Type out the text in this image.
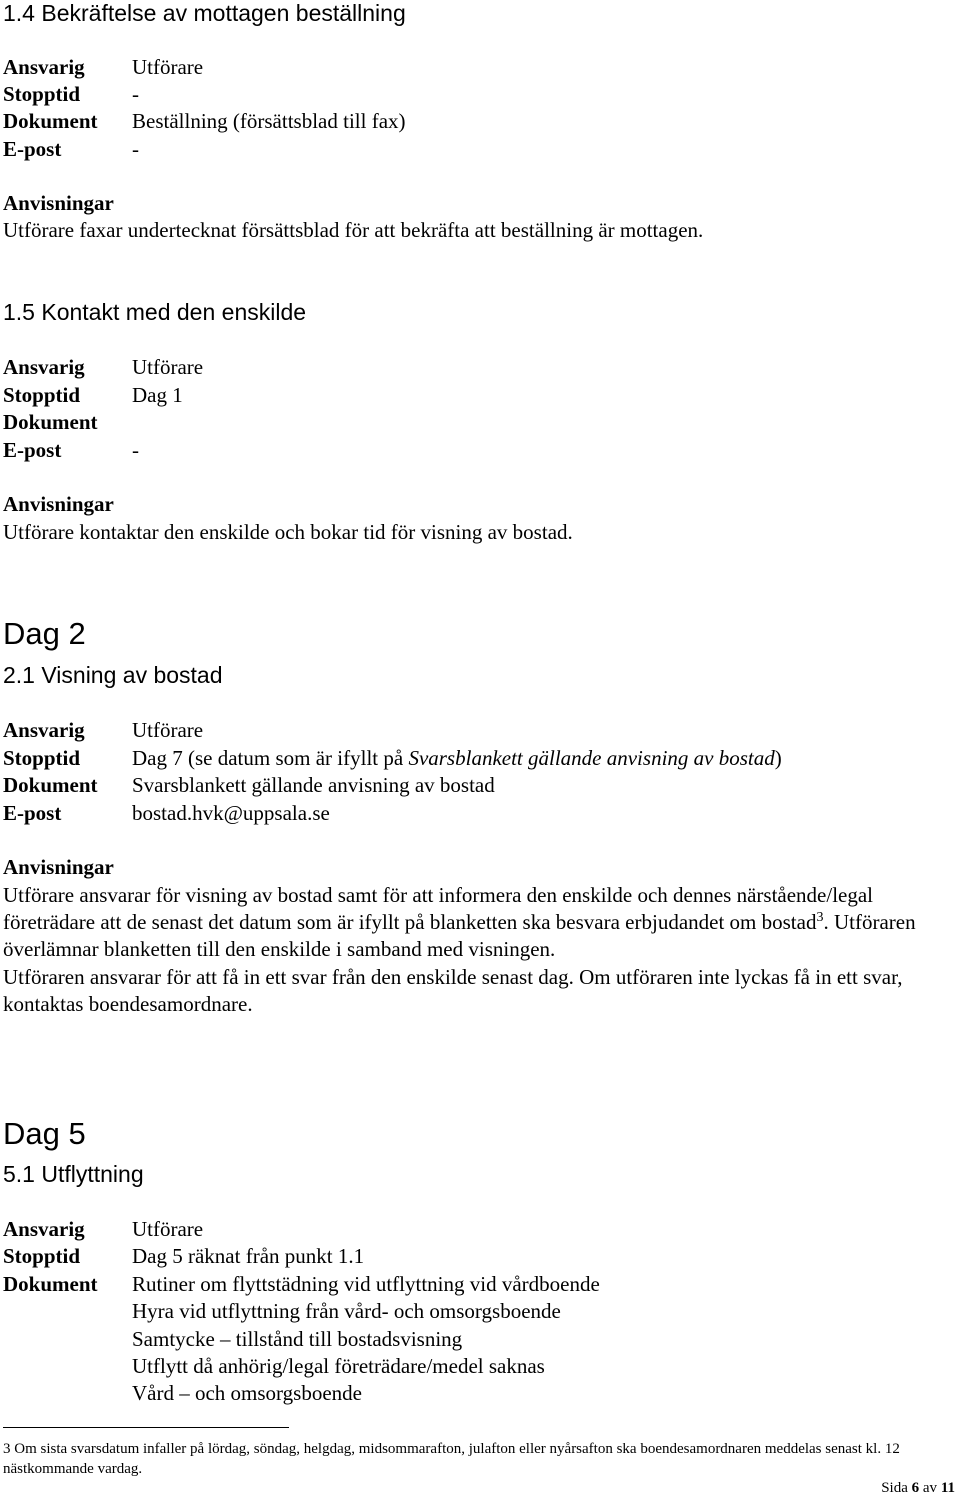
1.4 Bekräftelse av mottagen beställning
Ansvarig Utförare
Stopptid -
Dokument Beställning (försättsblad till fax)
E-post	-
Anvisningar
Utförare faxar undertecknat försättsblad för att bekräfta att beställning är mottagen.
1.5 Kontakt med den enskilde
Ansvarig Utförare
Stopptid Dag 1
Dokument
E-post	-
Anvisningar
Utförare kontaktar den enskilde och bokar tid för visning av bostad.
Dag 2
2.1 Visning av bostad
Ansvarig Utförare
Stopptid Dag 7 (se datum som är ifyllt på Svarsblankett gällande anvisning av bostad)
Dokument Svarsblankett gällande anvisning av bostad
E-post	bostad.hvk@uppsala.se
Anvisningar

Utförare ansvarar för visning av bostad samt för att informera den enskilde och dennes närstående/legal företrädare att de senast det datum som är ifyllt på blanketten ska besvara erbjudandet om bostad$^3$. Utföraren överlämnar blanketten till den enskilde i samband med visningen.

Utföraren ansvarar för att få in ett svar från den enskilde senast dag. Om utföraren inte lyckas få in ett svar, kontaktas boendesamordnare.

Dag 5
5.1 Utflyttning
Ansvarig Utförare
Stopptid Dag 5 räknat från punkt 1.1
Dokument Rutiner om flyttstädning vid utflyttning vid vårdboende
Hyra vid utflyttning från vård- och omsorgsboende
Samtycke – tillstånd till bostadsvisning
Utflytt då anhörig/legal företrädare/medel saknas
Vård – och omsorgsboende
3 Om sista svarsdatum infaller på lördag, söndag, helgdag, midsommarafton, julafton eller nyårsafton ska boendesamordnaren meddelas senast kl. 12 nästkommande vardag.
Sida 6 av 11
